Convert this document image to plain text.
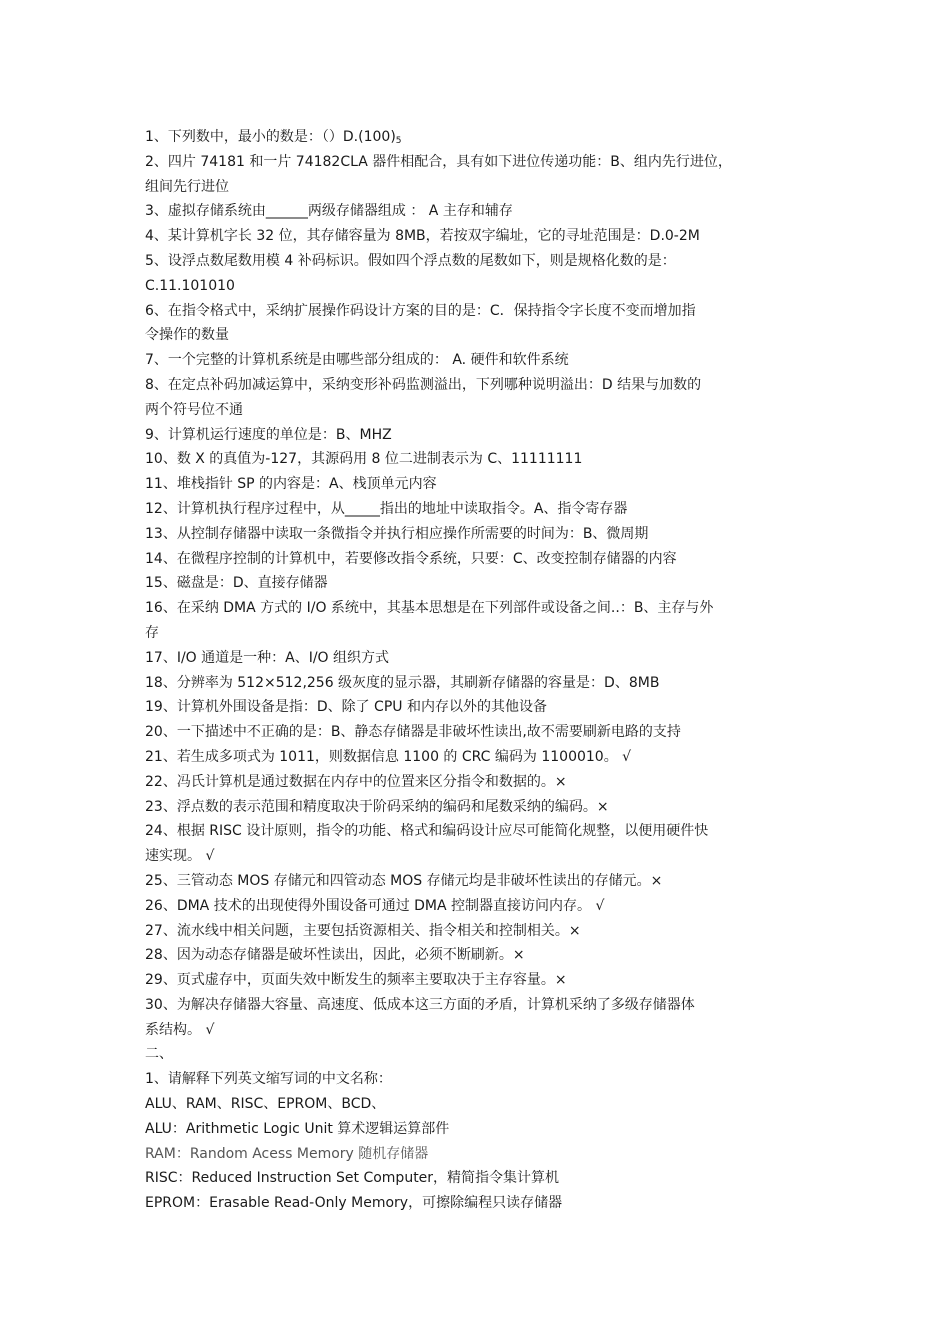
1、下列数中，最小的数是：$()D.(100)_5$
2、四片 74181 和一片 74182CLA 器件相配合，具有如下进位传递功能：B、组内先行进位，
组间先行进位
3、虚拟存储系统由______两级存储器组成 ： A 主存和辅存
4、某计算机字长 32 位，其存储容量为 8MB，若按双字编址，它的寻址范围是：D.0-2M
5、设浮点数尾数用模 4 补码标识。假如四个浮点数的尾数如下，则是规格化数的是：
C.11.101010
6、在指令格式中，采纳扩展操作码设计方案的目的是：C．保持指令字长度不变而增加指
令操作的数量
7、一个完整的计算机系统是由哪些部分组成的： A. 硬件和软件系统
8、在定点补码加减运算中，采纳变形补码监测溢出，下列哪种说明溢出：D 结果与加数的
两个符号位不通
9、计算机运行速度的单位是：B、MHZ
10、数 X 的真值为-127，其源码用 8 位二进制表示为 C、11111111
11、堆栈指针 SP 的内容是：A、栈顶单元内容
12、计算机执行程序过程中，从_____指出的地址中读取指令。A、指令寄存器
13、从控制存储器中读取一条微指令并执行相应操作所需要的时间为：B、微周期
14、在微程序控制的计算机中，若要修改指令系统，只要：C、改变控制存储器的内容
15、磁盘是：D、直接存储器
16、在采纳 DMA 方式的 I/O 系统中，其基本思想是在下列部件或设备之间..：B、主存与外
存
17、I/O 通道是一种：A、I/O 组织方式
18、分辨率为 512×512,256 级灰度的显示器，其刷新存储器的容量是：D、8MB
19、计算机外围设备是指：D、除了 CPU 和内存以外的其他设备
20、一下描述中不正确的是：B、静态存储器是非破坏性读出,故不需要刷新电路的支持
21、若生成多项式为 1011，则数据信息 1100 的 CRC 编码为 1100010。 √
22、冯氏计算机是通过数据在内存中的位置来区分指令和数据的。×
23、浮点数的表示范围和精度取决于阶码采纳的编码和尾数采纳的编码。×
24、根据 RISC 设计原则，指令的功能、格式和编码设计应尽可能简化规整，以便用硬件快
速实现。 √
25、三管动态 MOS 存储元和四管动态 MOS 存储元均是非破坏性读出的存储元。×
26、DMA 技术的出现使得外围设备可通过 DMA 控制器直接访问内存。 √
27、流水线中相关问题，主要包括资源相关、指令相关和控制相关。×
28、因为动态存储器是破坏性读出，因此，必须不断刷新。×
29、页式虚存中，页面失效中断发生的频率主要取决于主存容量。×
30、为解决存储器大容量、高速度、低成本这三方面的矛盾，计算机采纳了多级存储器体
系结构。 √
二、
1、请解释下列英文缩写词的中文名称：
ALU、RAM、RISC、EPROM、BCD、
ALU：Arithmetic Logic Unit 算术逻辑运算部件
RAM：Random Acess Memory 随机存储器
RISC：Reduced Instruction Set Computer，精简指令集计算机
EPROM：Erasable Read-Only Memory，可擦除编程只读存储器
